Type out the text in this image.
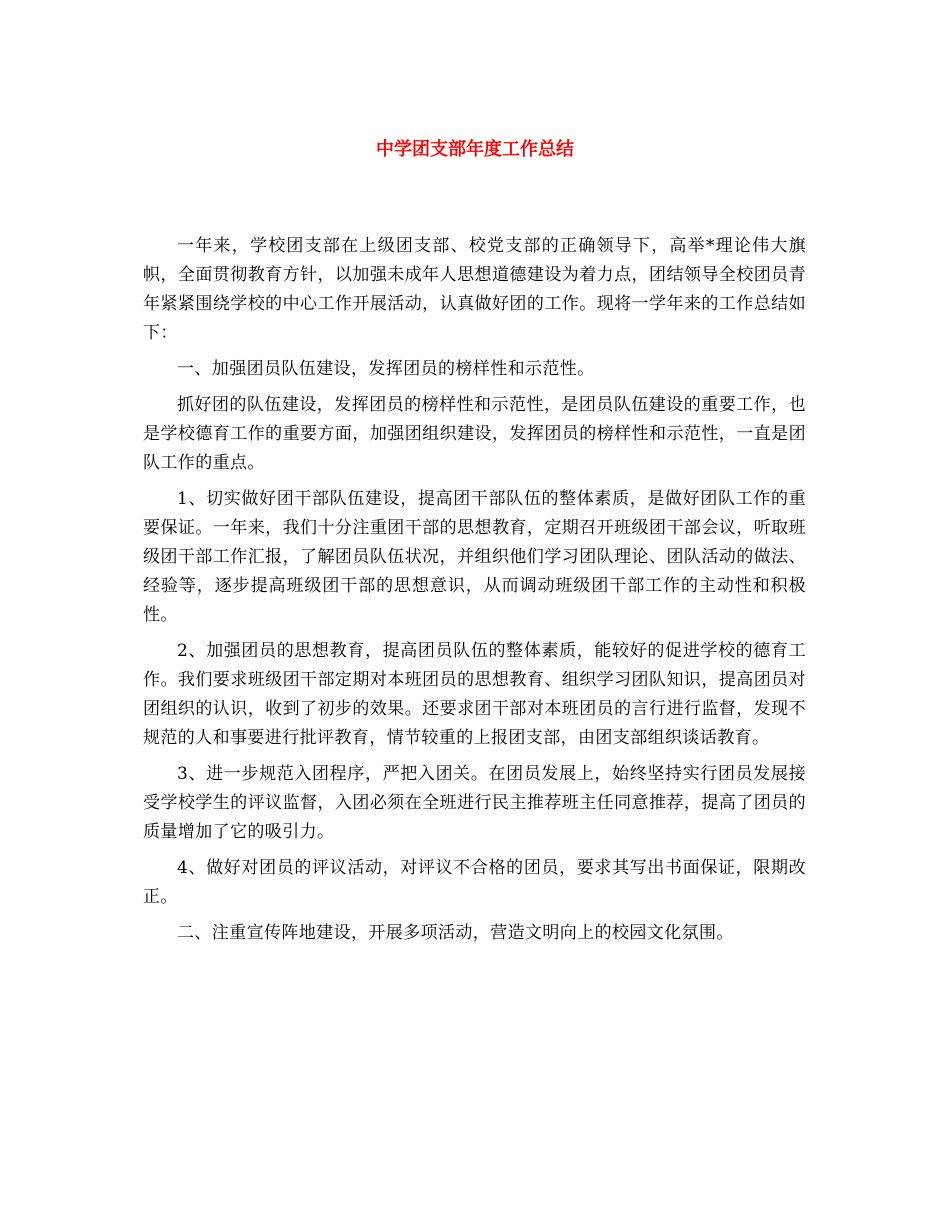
中学团支部年度工作总结

一年来，学校团支部在上级团支部、校党支部的正确领导下，高举*理论伟大旗帜，全面贯彻教育方针，以加强未成年人思想道德建设为着力点，团结领导全校团员青年紧紧围绕学校的中心工作开展活动，认真做好团的工作。现将一学年来的工作总结如下：

一、加强团员队伍建设，发挥团员的榜样性和示范性。

抓好团的队伍建设，发挥团员的榜样性和示范性，是团员队伍建设的重要工作，也是学校德育工作的重要方面，加强团组织建设，发挥团员的榜样性和示范性，一直是团队工作的重点。

1、切实做好团干部队伍建设，提高团干部队伍的整体素质，是做好团队工作的重要保证。一年来，我们十分注重团干部的思想教育，定期召开班级团干部会议，听取班级团干部工作汇报，了解团员队伍状况，并组织他们学习团队理论、团队活动的做法、经验等，逐步提高班级团干部的思想意识，从而调动班级团干部工作的主动性和积极性。

2、加强团员的思想教育，提高团员队伍的整体素质，能较好的促进学校的德育工作。我们要求班级团干部定期对本班团员的思想教育、组织学习团队知识，提高团员对团组织的认识，收到了初步的效果。还要求团干部对本班团员的言行进行监督，发现不规范的人和事要进行批评教育，情节较重的上报团支部，由团支部组织谈话教育。

3、进一步规范入团程序，严把入团关。在团员发展上，始终坚持实行团员发展接受学校学生的评议监督，入团必须在全班进行民主推荐班主任同意推荐，提高了团员的质量增加了它的吸引力。

4、做好对团员的评议活动，对评议不合格的团员，要求其写出书面保证，限期改正。

二、注重宣传阵地建设，开展多项活动，营造文明向上的校园文化氛围。
